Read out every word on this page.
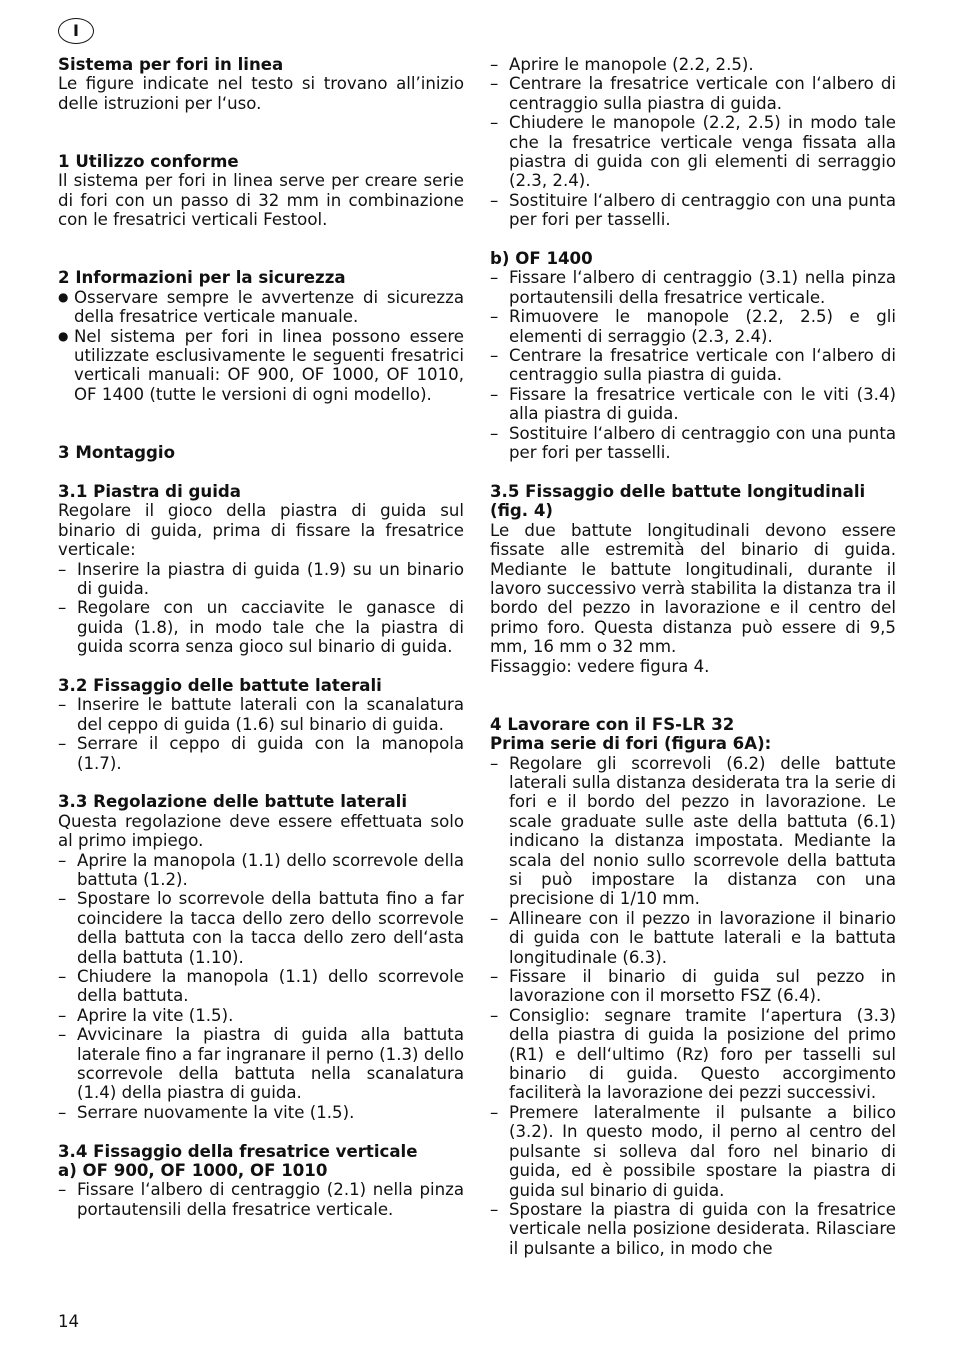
I
Sistema per fori in linea
Le figure indicate nel testo si trovano all’inizio delle istruzioni per l‘uso.
1 Utilizzo conforme
Il sistema per fori in linea serve per creare serie di fori con un passo di 32 mm in combinazione con le fresatrici verticali Festool.
2 Informazioni per la sicurezza
● Osservare sempre le avvertenze di sicurezza della fresatrice verticale manuale.
● Nel sistema per fori in linea possono essere utilizzate esclusivamente le seguenti fresatrici verticali manuali: OF 900, OF 1000, OF 1010, OF 1400 (tutte le versioni di ogni modello).
3 Montaggio
3.1 Piastra di guida
Regolare il gioco della piastra di guida sul binario di guida, prima di fissare la fresatrice verticale:
– Inserire la piastra di guida (1.9) su un binario di guida.
– Regolare con un cacciavite le ganasce di guida (1.8), in modo tale che la piastra di guida scorra senza gioco sul binario di guida.
3.2 Fissaggio delle battute laterali
– Inserire le battute laterali con la scanalatura del ceppo di guida (1.6) sul binario di guida.
– Serrare il ceppo di guida con la manopola (1.7).
3.3 Regolazione delle battute laterali
Questa regolazione deve essere effettuata solo al primo impiego.
– Aprire la manopola (1.1) dello scorrevole della battuta (1.2).
– Spostare lo scorrevole della battuta fino a far coincidere la tacca dello zero dello scorrevole della battuta con la tacca dello zero dell‘asta della battuta (1.10).
– Chiudere la manopola (1.1) dello scorrevole della battuta.
– Aprire la vite (1.5).
– Avvicinare la piastra di guida alla battuta laterale fino a far ingranare il perno (1.3) dello scorrevole della battuta nella scanalatura (1.4) della piastra di guida.
– Serrare nuovamente la vite (1.5).
3.4 Fissaggio della fresatrice verticale
a) OF 900, OF 1000, OF 1010
– Fissare l‘albero di centraggio (2.1) nella pinza portautensili della fresatrice verticale.
– Aprire le manopole (2.2, 2.5).
– Centrare la fresatrice verticale con l‘albero di centraggio sulla piastra di guida.
– Chiudere le manopole (2.2, 2.5) in modo tale che la fresatrice verticale venga fissata alla piastra di guida con gli elementi di serraggio (2.3, 2.4).
– Sostituire l‘albero di centraggio con una punta per fori per tasselli.
b) OF 1400
– Fissare l‘albero di centraggio (3.1) nella pinza portautensili della fresatrice verticale.
– Rimuovere le manopole (2.2, 2.5) e gli elementi di serraggio (2.3, 2.4).
– Centrare la fresatrice verticale con l‘albero di centraggio sulla piastra di guida.
– Fissare la fresatrice verticale con le viti (3.4) alla piastra di guida.
– Sostituire l‘albero di centraggio con una punta per fori per tasselli.
3.5 Fissaggio delle battute longitudinali (fig. 4)
Le due battute longitudinali devono essere fissate alle estremità del binario di guida. Mediante le battute longitudinali, durante il lavoro successivo verrà stabilita la distanza tra il bordo del pezzo in lavorazione e il centro del primo foro. Questa distanza può essere di 9,5 mm, 16 mm o 32 mm.
Fissaggio: vedere figura 4.
4 Lavorare con il FS-LR 32
Prima serie di fori (figura 6A):
– Regolare gli scorrevoli (6.2) delle battute laterali sulla distanza desiderata tra la serie di fori e il bordo del pezzo in lavorazione. Le scale graduate sulle aste della battuta (6.1) indicano la distanza impostata. Mediante la scala del nonio sullo scorrevole della battuta si può impostare la distanza con una precisione di 1/10 mm.
– Allineare con il pezzo in lavorazione il binario di guida con le battute laterali e la battuta longitudinale (6.3).
– Fissare il binario di guida sul pezzo in lavorazione con il morsetto FSZ (6.4).
– Consiglio: segnare tramite l‘apertura (3.3) della piastra di guida la posizione del primo (R1) e dell‘ultimo (Rz) foro per tasselli sul binario di guida. Questo accorgimento faciliterà la lavorazione dei pezzi successivi.
– Premere lateralmente il pulsante a bilico (3.2). In questo modo, il perno al centro del pulsante si solleva dal foro nel binario di guida, ed è possibile spostare la piastra di guida sul binario di guida.
– Spostare la piastra di guida con la fresatrice verticale nella posizione desiderata. Rilasciare il pulsante a bilico, in modo che
14
